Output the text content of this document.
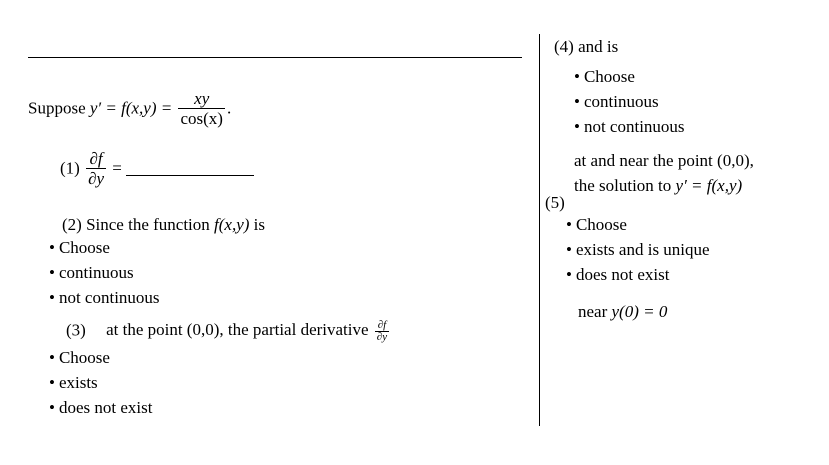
Suppose $y' = f(x,y) = \frac{xy}{\cos(x)}$ .
$(1) \frac{\partial f}{\partial y}$ =
(2) Since the function f(x,y) is
• Choose
• continuous
• not continuous
(3) at the point (0,0), the partial derivative $\frac{\partial f}{\partial y}$
• Choose
• exists
• does not exist
(4) and is
• Choose
• continuous
• not continuous
at and near the point (0,0),
the solution to y′ = f(x,y)
(5)
• Choose
• exists and is unique
• does not exist
near y(0) = 0
